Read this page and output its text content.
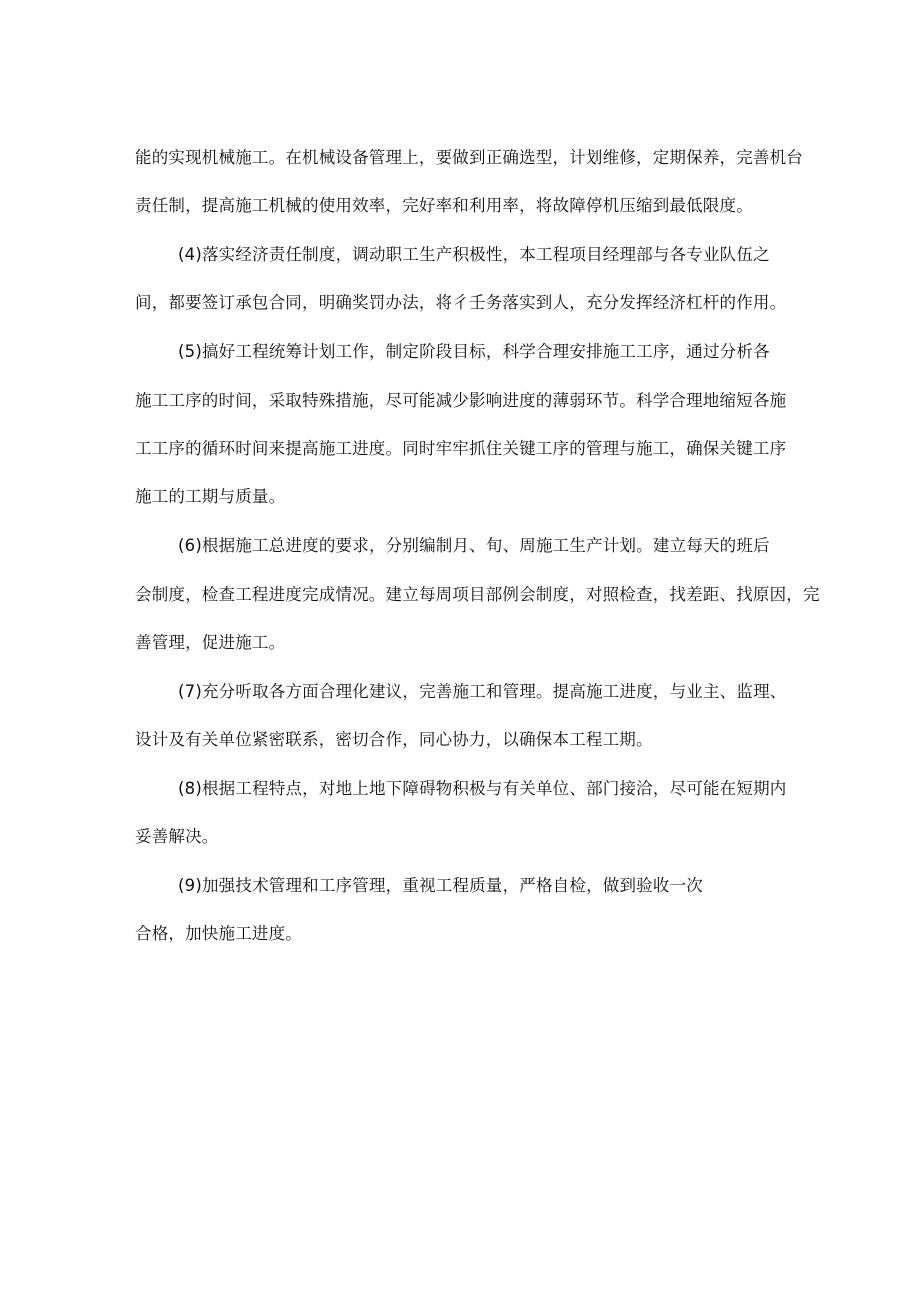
能的实现机械施工。在机械设备管理上，要做到正确选型，计划维修，定期保养，完善机台
责任制，提高施工机械的使用效率，完好率和利用率，将故障停机压缩到最低限度。
(4)落实经济责任制度，调动职工生产积极性，本工程项目经理部与各专业队伍之
间，都要签订承包合同，明确奖罚办法，将彳壬务落实到人，充分发挥经济杠杆的作用。
(5)搞好工程统筹计划工作，制定阶段目标，科学合理安排施工工序，通过分析各
施工工序的时间，采取特殊措施，尽可能减少影响进度的薄弱环节。科学合理地缩短各施
工工序的循环时间来提高施工进度。同时牢牢抓住关键工序的管理与施工，确保关键工序
施工的工期与质量。
(6)根据施工总进度的要求，分别编制月、旬、周施工生产计划。建立每天的班后
会制度，检查工程进度完成情况。建立每周项目部例会制度，对照检查，找差距、找原因，完
善管理，促进施工。
(7)充分听取各方面合理化建议，完善施工和管理。提高施工进度，与业主、监理、
设计及有关单位紧密联系，密切合作，同心协力，以确保本工程工期。
(8)根据工程特点，对地上地下障碍物积极与有关单位、部门接洽，尽可能在短期内
妥善解决。
(9)加强技术管理和工序管理，重视工程质量，严格自检，做到验收一次
合格，加快施工进度。
